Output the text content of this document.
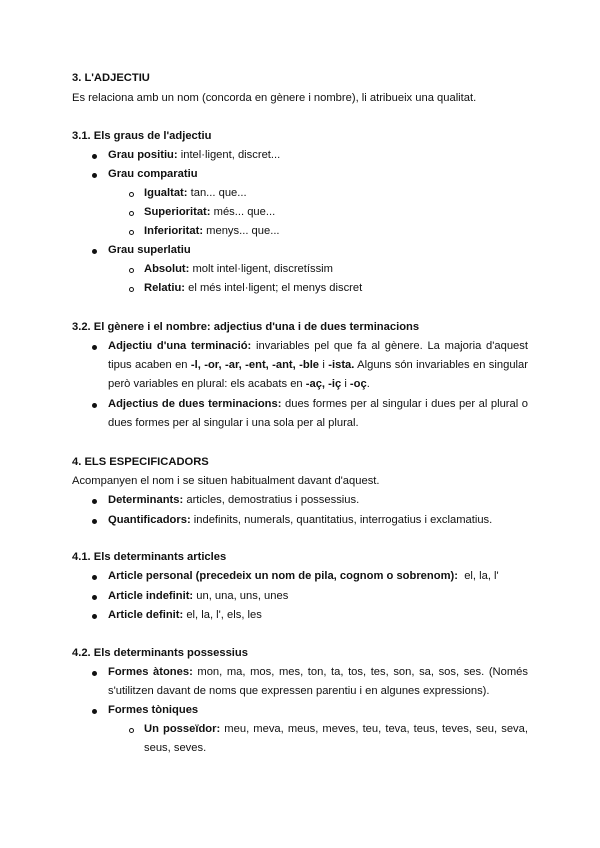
3. L'ADJECTIU
Es relaciona amb un nom (concorda en gènere i nombre), li atribueix una qualitat.
3.1. Els graus de l'adjectiu
Grau positiu: intel·ligent, discret...
Grau comparatiu
Igualtat: tan... que...
Superioritat: més... que...
Inferioritat: menys... que...
Grau superlatiu
Absolut: molt intel·ligent, discretíssim
Relatiu: el més intel·ligent; el menys discret
3.2. El gènere i el nombre: adjectius d'una i de dues terminacions
Adjectiu d'una terminació: invariables pel que fa al gènere. La majoria d'aquest
tipus acaben en -l, -or, -ar, -ent, -ant, -ble i -ista. Alguns són invariables en singular
però variables en plural: els acabats en -aç, -iç i -oç.
Adjectius de dues terminacions: dues formes per al singular i dues per al plural o
dues formes per al singular i una sola per al plural.
4. ELS ESPECIFICADORS
Acompanyen el nom i se situen habitualment davant d'aquest.
Determinants: articles, demostratius i possessius.
Quantificadors: indefinits, numerals, quantitatius, interrogatius i exclamatius.
4.1. Els determinants articles
Article personal (precedeix un nom de pila, cognom o sobrenom):  el, la, l'
Article indefinit: un, una, uns, unes
Article definit: el, la, l', els, les
4.2. Els determinants possessius
Formes àtones: mon, ma, mos, mes, ton, ta, tos, tes, son, sa, sos, ses. (Només
s'utilitzen davant de noms que expressen parentiu i en algunes expressions).
Formes tòniques
Un posseïdor: meu, meva, meus, meves, teu, teva, teus, teves, seu, seva,
seus, seves.
